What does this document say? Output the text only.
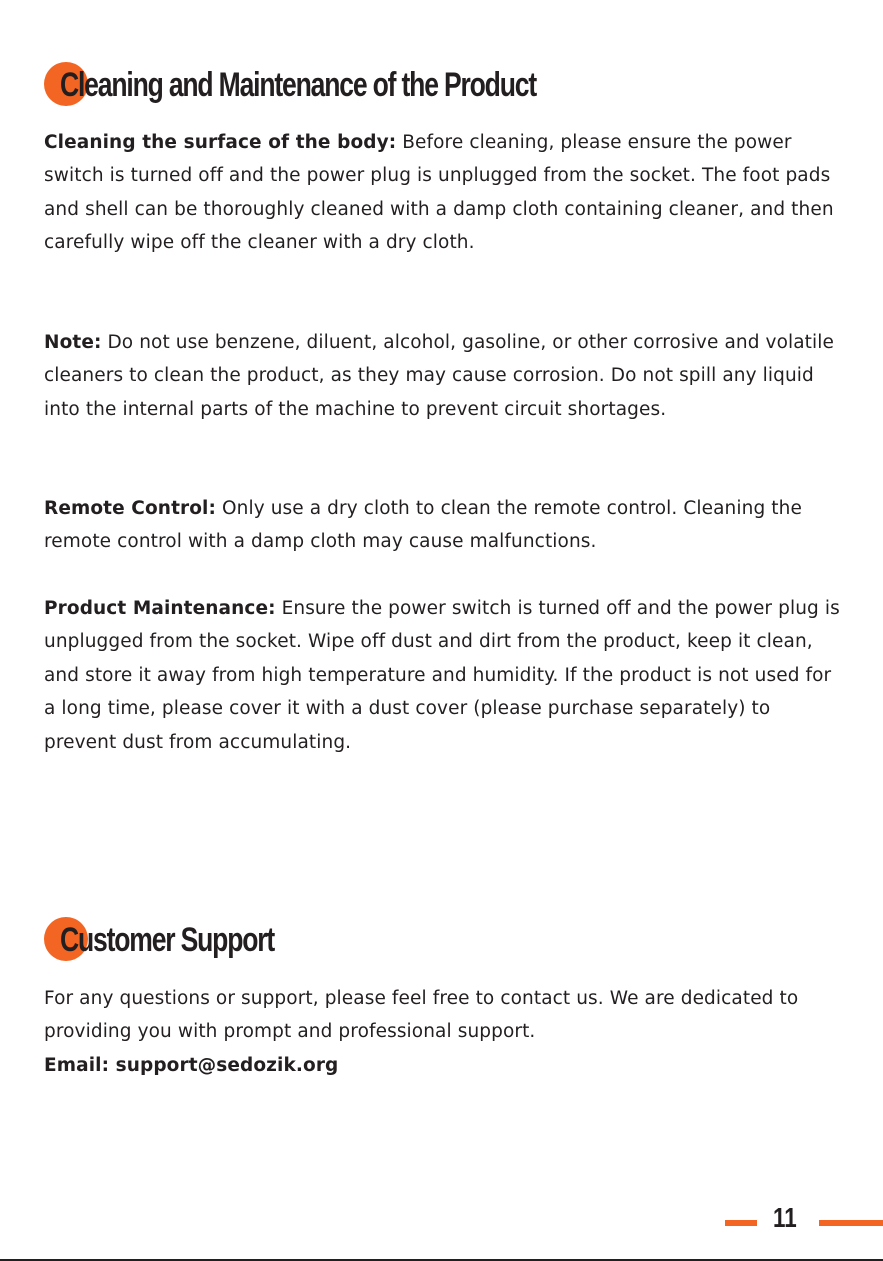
Cleaning and Maintenance of the Product
Cleaning the surface of the body: Before cleaning, please ensure the power switch is turned off and the power plug is unplugged from the socket. The foot pads and shell can be thoroughly cleaned with a damp cloth containing cleaner, and then carefully wipe off the cleaner with a dry cloth.
Note: Do not use benzene, diluent, alcohol, gasoline, or other corrosive and volatile cleaners to clean the product, as they may cause corrosion. Do not spill any liquid into the internal parts of the machine to prevent circuit shortages.
Remote Control: Only use a dry cloth to clean the remote control. Cleaning the remote control with a damp cloth may cause malfunctions.
Product Maintenance: Ensure the power switch is turned off and the power plug is unplugged from the socket. Wipe off dust and dirt from the product, keep it clean, and store it away from high temperature and humidity. If the product is not used for a long time, please cover it with a dust cover (please purchase separately) to prevent dust from accumulating.
Customer Support
For any questions or support, please feel free to contact us. We are dedicated to providing you with prompt and professional support.
Email: support@sedozik.org
11
